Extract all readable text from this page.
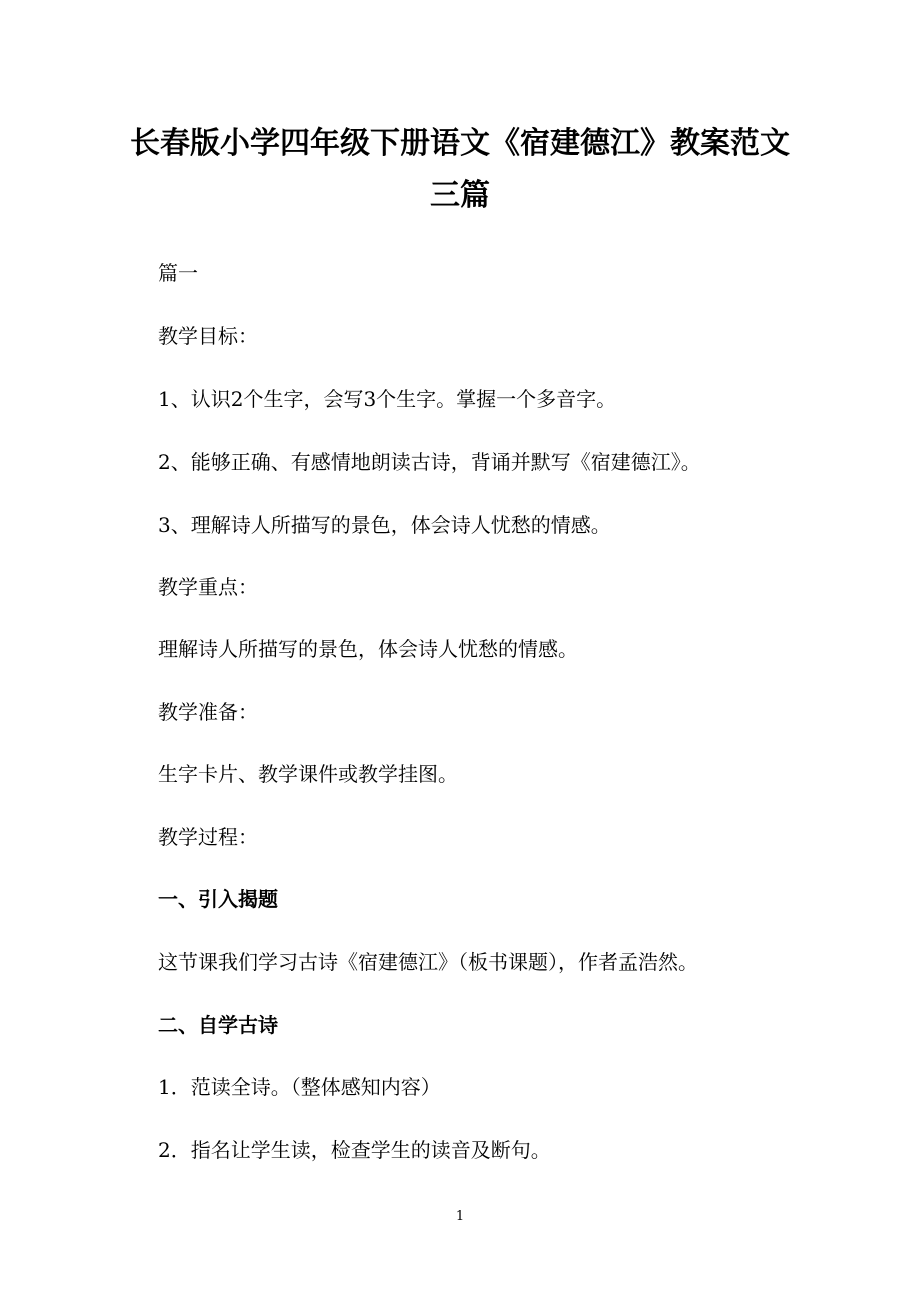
长春版小学四年级下册语文《宿建德江》教案范文
三篇
篇一
教学目标：
1、认识2个生字，会写3个生字。掌握一个多音字。
2、能够正确、有感情地朗读古诗，背诵并默写《宿建德江》。
3、理解诗人所描写的景色，体会诗人忧愁的情感。
教学重点：
理解诗人所描写的景色，体会诗人忧愁的情感。
教学准备：
生字卡片、教学课件或教学挂图。
教学过程：
一、引入揭题
这节课我们学习古诗《宿建德江》（板书课题），作者孟浩然。
二、自学古诗
1．范读全诗。（整体感知内容）
2．指名让学生读，检查学生的读音及断句。
1
